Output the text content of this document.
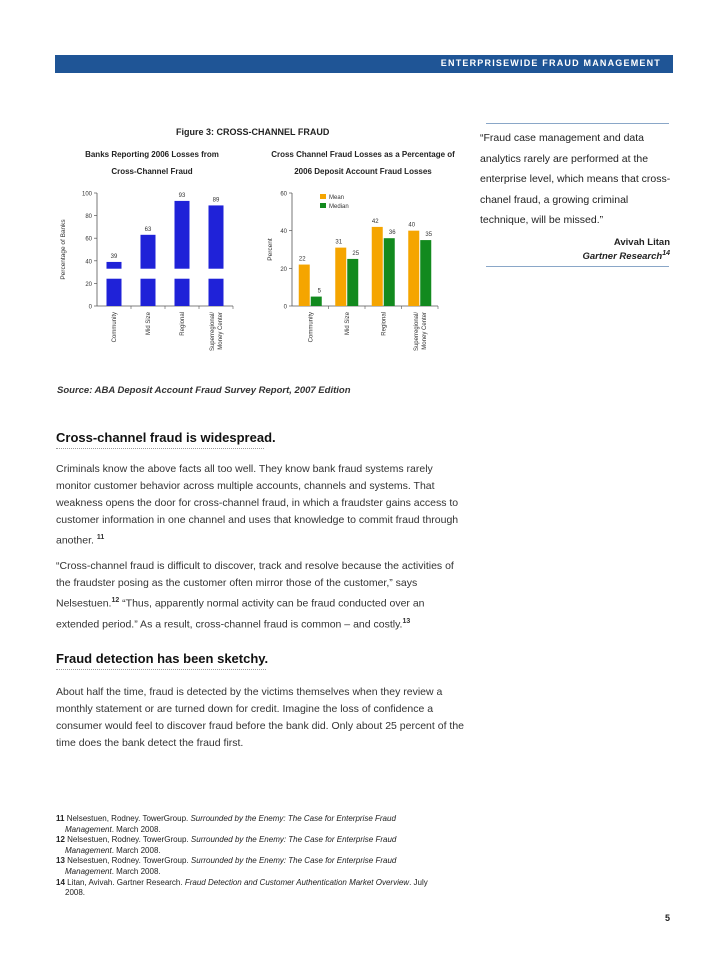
ENTERPRISEWIDE FRAUD MANAGEMENT
Figure 3: CROSS-CHANNEL FRAUD
Banks Reporting 2006 Losses from
Cross-Channel Fraud
Cross Channel Fraud Losses as a Percentage of
2006 Deposit Account Fraud Losses
0
20
40
60
80
100
Percentage of Banks
Community	Mid Size	Regional	Superregional/ Money Center
39
63
93
89
0
20
40
60
Percent
Community	Mid Size	Regional	Superregional/ Money Center
22
31
42
40
5
25
36	35
Mean
Median
Source: ABA Deposit Account Fraud Survey Report, 2007 Edition
“Fraud case management and data analytics rarely are performed at the enterprise level, which means that cross-chanel fraud, a growing criminal technique, will be missed.”
Avivah Litan
Gartner Research$^{14}$
Cross-channel fraud is widespread.
Criminals know the above facts all too well. They know bank fraud systems rarely monitor customer behavior across multiple accounts, channels and systems. That weakness opens the door for cross-channel fraud, in which a fraudster gains access to customer information in one channel and uses that knowledge to commit fraud through another. $^{11}$
“Cross-channel fraud is difficult to discover, track and resolve because the activities of the fraudster posing as the customer often mirror those of the customer,” says Nelsestuen.$^{12}$ “Thus, apparently normal activity can be fraud conducted over an extended period.” As a result, cross-channel fraud is common – and costly.$^{13}$
Fraud detection has been sketchy.
About half the time, fraud is detected by the victims themselves when they review a monthly statement or are turned down for credit. Imagine the loss of confidence a consumer would feel to discover fraud before the bank did. Only about 25 percent of the time does the bank detect the fraud first.
11 Nelsestuen, Rodney. TowerGroup. Surrounded by the Enemy: The Case for Enterprise Fraud
Management. March 2008.
12 Nelsestuen, Rodney. TowerGroup. Surrounded by the Enemy: The Case for Enterprise Fraud
Management. March 2008.
13 Nelsestuen, Rodney. TowerGroup. Surrounded by the Enemy: The Case for Enterprise Fraud
Management. March 2008.
14 Litan, Avivah. Gartner Research. Fraud Detection and Customer Authentication Market Overview. July
2008.
5
